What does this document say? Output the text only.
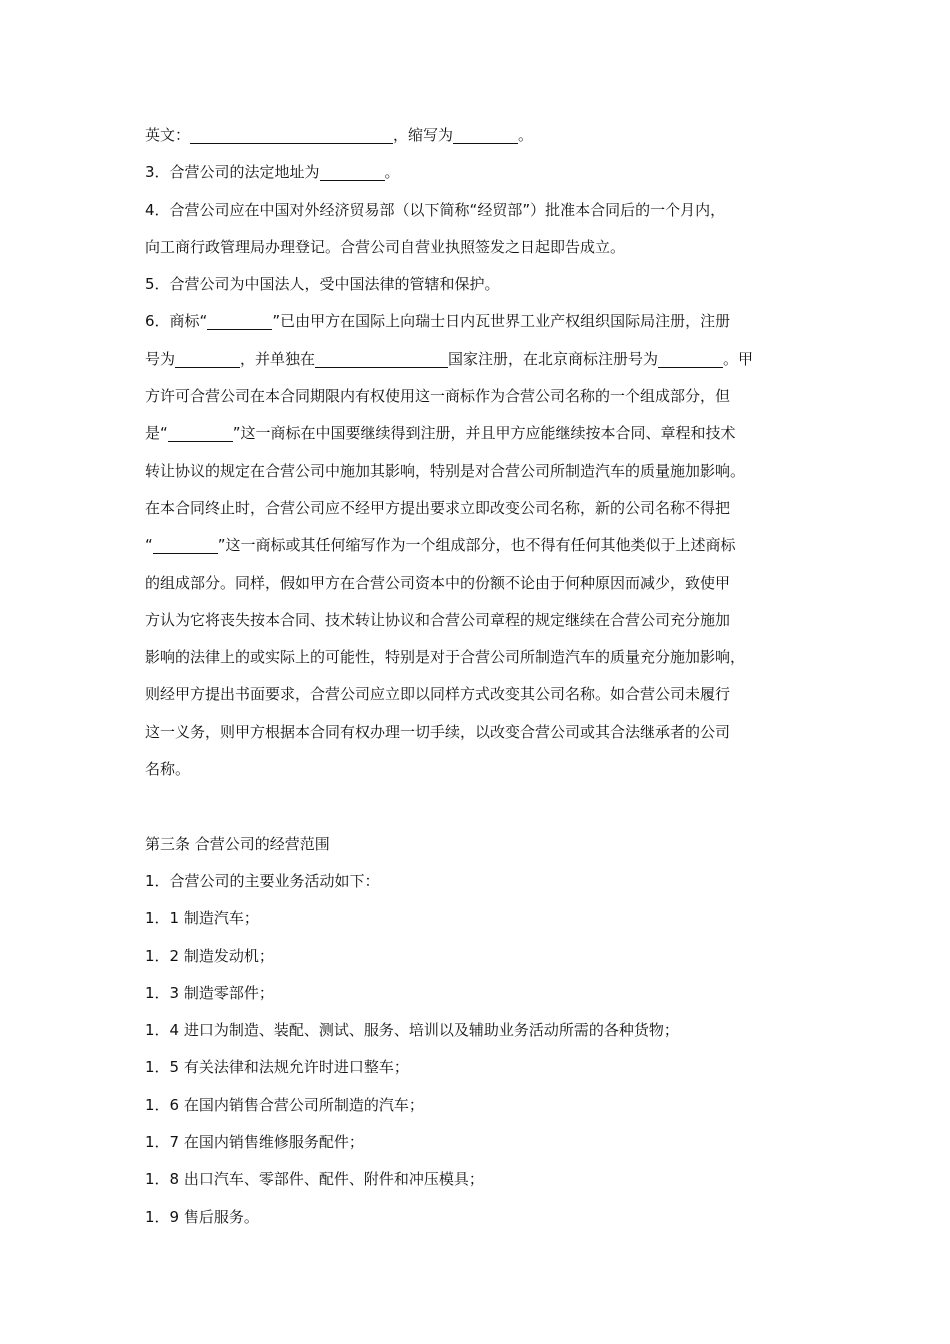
英文：	，缩写为	。
3．合营公司的法定地址为	。
4．合营公司应在中国对外经济贸易部（以下简称“经贸部”）批准本合同后的一个月内，
向工商行政管理局办理登记。合营公司自营业执照签发之日起即告成立。
5．合营公司为中国法人，受中国法律的管辖和保护。
6．商标“	”已由甲方在国际上向瑞士日内瓦世界工业产权组织国际局注册，注册
号为	，并单独在	国家注册，在北京商标注册号为	。甲
方许可合营公司在本合同期限内有权使用这一商标作为合营公司名称的一个组成部分，但
是“	”这一商标在中国要继续得到注册，并且甲方应能继续按本合同、章程和技术
转让协议的规定在合营公司中施加其影响，特别是对合营公司所制造汽车的质量施加影响。
在本合同终止时，合营公司应不经甲方提出要求立即改变公司名称，新的公司名称不得把
“	”这一商标或其任何缩写作为一个组成部分，也不得有任何其他类似于上述商标
的组成部分。同样，假如甲方在合营公司资本中的份额不论由于何种原因而减少，致使甲
方认为它将丧失按本合同、技术转让协议和合营公司章程的规定继续在合营公司充分施加
影响的法律上的或实际上的可能性，特别是对于合营公司所制造汽车的质量充分施加影响，
则经甲方提出书面要求，合营公司应立即以同样方式改变其公司名称。如合营公司未履行
这一义务，则甲方根据本合同有权办理一切手续，以改变合营公司或其合法继承者的公司
名称。
第三条 合营公司的经营范围
1．合营公司的主要业务活动如下：
1．1 制造汽车；
1．2 制造发动机；
1．3 制造零部件；
1．4 进口为制造、装配、测试、服务、培训以及辅助业务活动所需的各种货物；
1．5 有关法律和法规允许时进口整车；
1．6 在国内销售合营公司所制造的汽车；
1．7 在国内销售维修服务配件；
1．8 出口汽车、零部件、配件、附件和冲压模具；
1．9 售后服务。
